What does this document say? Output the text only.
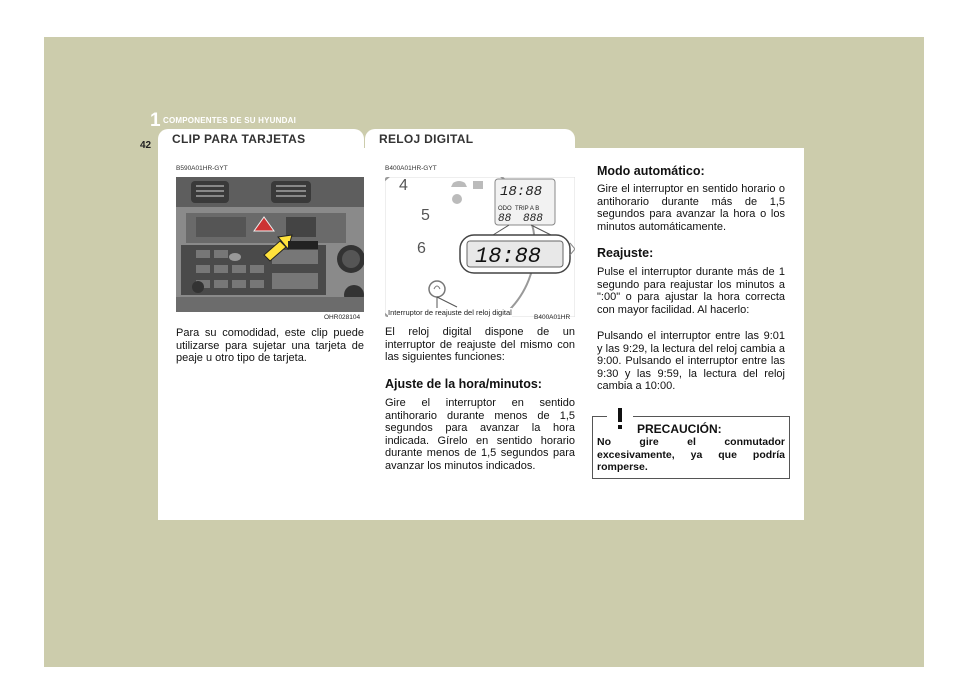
1 COMPONENTES DE SU HYUNDAI
42 CLIP PARA TARJETAS	RELOJ DIGITAL
B590A01HR-GYT
OHR028104
Para su comodidad, este clip puede utilizarse para sujetar una tarjeta de peaje u otro tipo de tarjeta.
B400A01HR-GYT
4
5
6
18:88
ODO TRIP A B
88 888
18:88
Interruptor de reajuste del reloj digital
B400A01HR
El reloj digital dispone de un interruptor de reajuste del mismo con las siguientes funciones:
Ajuste de la hora/minutos:
Gire el interruptor en sentido antihorario durante menos de 1,5 segundos para avanzar la hora indicada. Gírelo en sentido horario durante menos de 1,5 segundos para avanzar los minutos indicados.
Modo automático:
Gire el interruptor en sentido horario o antihorario durante más de 1,5 segundos para avanzar la hora o los minutos automáticamente.
Reajuste:
Pulse el interruptor durante más de 1 segundo para reajustar los minutos a ":00" o para ajustar la hora correcta con mayor facilidad. Al hacerlo:
Pulsando el interruptor entre las 9:01 y las 9:29, la lectura del reloj cambia a 9:00. Pulsando el interruptor entre las 9:30 y las 9:59, la lectura del reloj cambia a 10:00.
PRECAUCIÓN:
No gire el conmutador excesivamente, ya que podría romperse.
